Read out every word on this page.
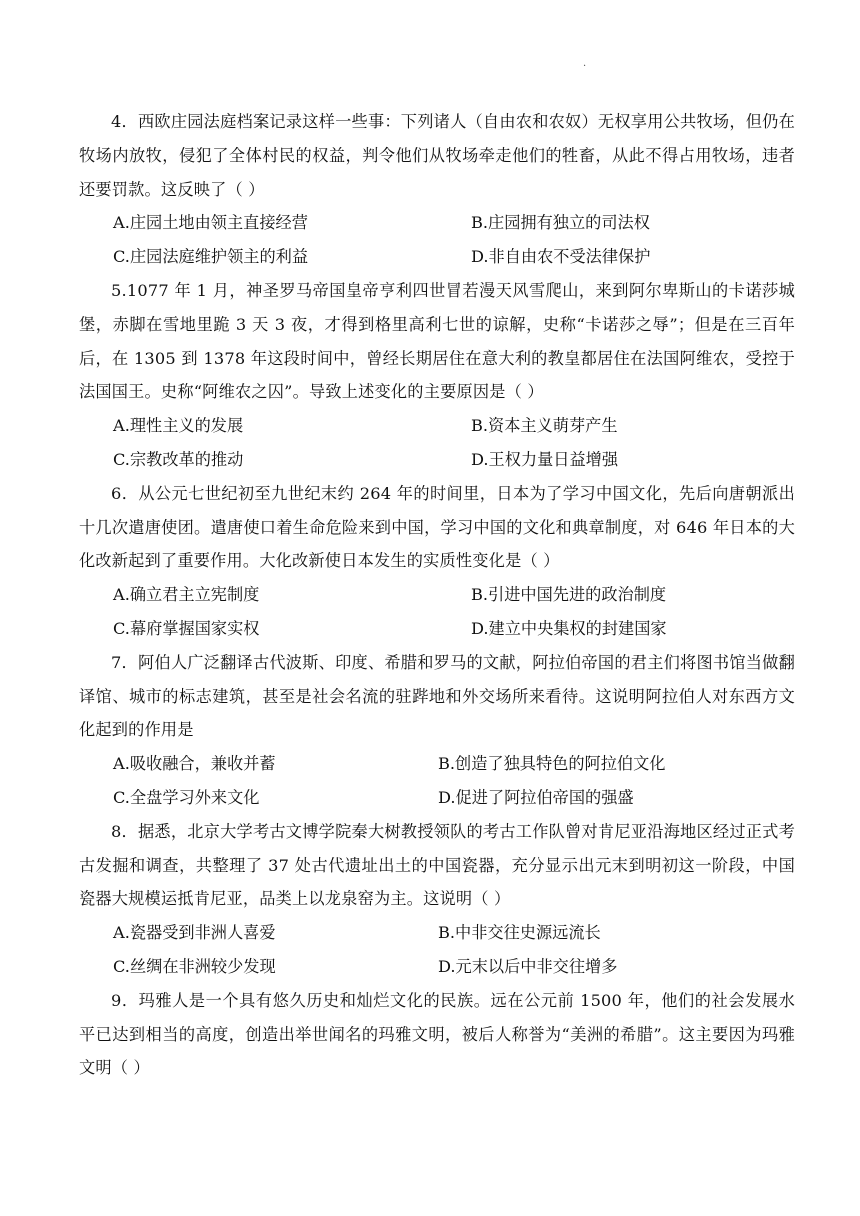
·

4．西欧庄园法庭档案记录这样一些事：下列诸人（自由农和农奴）无权享用公共牧场，但仍在牧场内放牧，侵犯了全体村民的权益，判令他们从牧场牵走他们的牲畜，从此不得占用牧场，违者还要罚款。这反映了（ ）

A.庄园土地由领主直接经营	B.庄园拥有独立的司法权
C.庄园法庭维护领主的利益	D.非自由农不受法律保护

5.1077 年 1 月，神圣罗马帝国皇帝亨利四世冒若漫天风雪爬山，来到阿尔卑斯山的卡诺莎城堡，赤脚在雪地里跪 3 天 3 夜，才得到格里高利七世的谅解，史称“卡诺莎之辱”；但是在三百年后，在 1305 到 1378 年这段时间中，曾经长期居住在意大利的教皇都居住在法国阿维农，受控于法国国王。史称“阿维农之囚”。导致上述变化的主要原因是（ ）

A.理性主义的发展	B.资本主义萌芽产生
C.宗教改革的推动	D.王权力量日益增强

6．从公元七世纪初至九世纪末约 264 年的时间里，日本为了学习中国文化，先后向唐朝派出十几次遣唐使团。遣唐使口着生命危险来到中国，学习中国的文化和典章制度，对 646 年日本的大化改新起到了重要作用。大化改新使日本发生的实质性变化是（ ）

A.确立君主立宪制度	B.引进中国先进的政治制度
C.幕府掌握国家实权	D.建立中央集权的封建国家

7．阿伯人广泛翻译古代波斯、印度、希腊和罗马的文献，阿拉伯帝国的君主们将图书馆当做翻译馆、城市的标志建筑，甚至是社会名流的驻跸地和外交场所来看待。这说明阿拉伯人对东西方文化起到的作用是

A.吸收融合，兼收并蓄	B.创造了独具特色的阿拉伯文化
C.全盘学习外来文化	D.促进了阿拉伯帝国的强盛

8．据悉，北京大学考古文博学院秦大树教授领队的考古工作队曾对肯尼亚沿海地区经过正式考古发掘和调查，共整理了 37 处古代遗址出土的中国瓷器，充分显示出元末到明初这一阶段，中国瓷器大规模运抵肯尼亚，品类上以龙泉窑为主。这说明（ ）

A.瓷器受到非洲人喜爱	B.中非交往史源远流长
C.丝绸在非洲较少发现	D.元末以后中非交往增多

9．玛雅人是一个具有悠久历史和灿烂文化的民族。远在公元前 1500 年，他们的社会发展水平已达到相当的高度，创造出举世闻名的玛雅文明，被后人称誉为“美洲的希腊”。这主要因为玛雅文明（ ）
